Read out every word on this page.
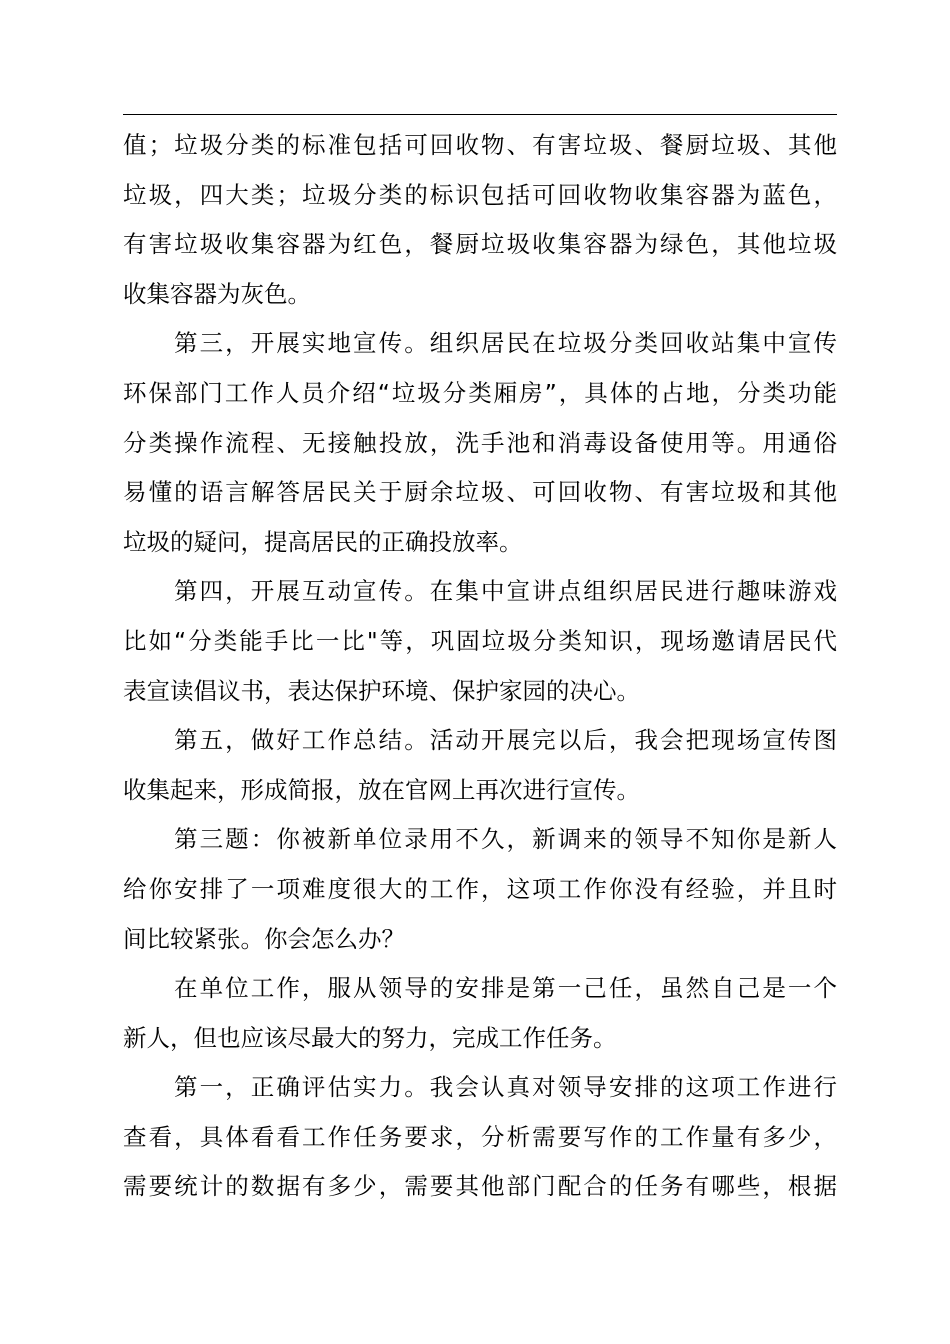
值；垃圾分类的标准包括可回收物、有害垃圾、餐厨垃圾、其他
垃圾，四大类；垃圾分类的标识包括可回收物收集容器为蓝色，
有害垃圾收集容器为红色，餐厨垃圾收集容器为绿色，其他垃圾
收集容器为灰色。
第三，开展实地宣传。组织居民在垃圾分类回收站集中宣传
环保部门工作人员介绍“垃圾分类厢房”，具体的占地，分类功能
分类操作流程、无接触投放，洗手池和消毒设备使用等。用通俗
易懂的语言解答居民关于厨余垃圾、可回收物、有害垃圾和其他
垃圾的疑问，提高居民的正确投放率。
第四，开展互动宣传。在集中宣讲点组织居民进行趣味游戏
比如“分类能手比一比"等，巩固垃圾分类知识，现场邀请居民代
表宣读倡议书，表达保护环境、保护家园的决心。
第五，做好工作总结。活动开展完以后，我会把现场宣传图
收集起来，形成简报，放在官网上再次进行宣传。
第三题：你被新单位录用不久，新调来的领导不知你是新人
给你安排了一项难度很大的工作，这项工作你没有经验，并且时
间比较紧张。你会怎么办？
在单位工作，服从领导的安排是第一己任，虽然自己是一个
新人，但也应该尽最大的努力，完成工作任务。
第一，正确评估实力。我会认真对领导安排的这项工作进行
查看，具体看看工作任务要求，分析需要写作的工作量有多少，
需要统计的数据有多少，需要其他部门配合的任务有哪些，根据
